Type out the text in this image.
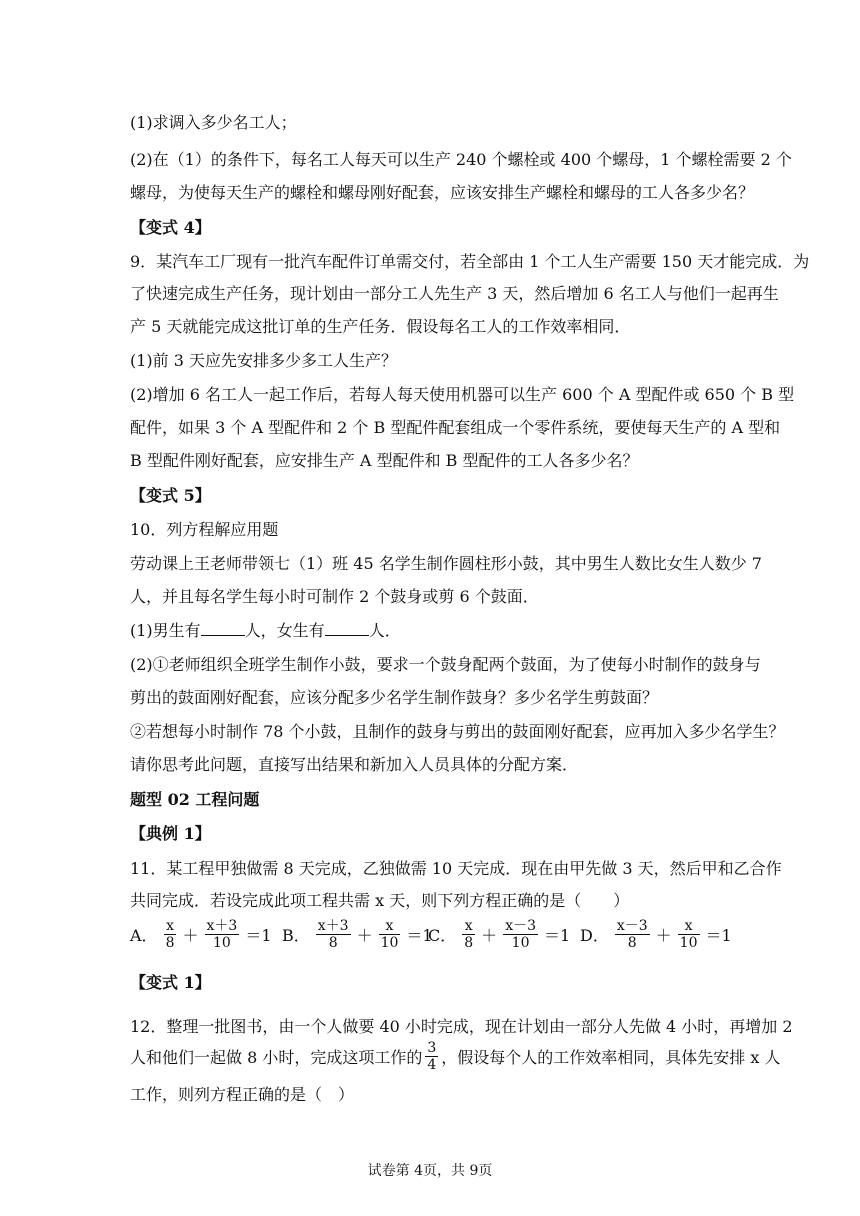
(1)求调入多少名工人；
(2)在（1）的条件下，每名工人每天可以生产 240 个螺栓或 400 个螺母，1 个螺栓需要 2 个
螺母，为使每天生产的螺栓和螺母刚好配套，应该安排生产螺栓和螺母的工人各多少名？
【变式 4】
9．某汽车工厂现有一批汽车配件订单需交付，若全部由 1 个工人生产需要 150 天才能完成．为
了快速完成生产任务，现计划由一部分工人先生产 3 天，然后增加 6 名工人与他们一起再生
产 5 天就能完成这批订单的生产任务．假设每名工人的工作效率相同．
(1)前 3 天应先安排多少多工人生产？
(2)增加 6 名工人一起工作后，若每人每天使用机器可以生产 600 个 A 型配件或 650 个 B 型
配件，如果 3 个 A 型配件和 2 个 B 型配件配套组成一个零件系统，要使每天生产的 A 型和
B 型配件刚好配套，应安排生产 A 型配件和 B 型配件的工人各多少名？
【变式 5】
10．列方程解应用题
劳动课上王老师带领七（1）班 45 名学生制作圆柱形小鼓，其中男生人数比女生人数少 7
人，并且每名学生每小时可制作 2 个鼓身或剪 6 个鼓面．
(1)男生有	人，女生有	人．
(2)①老师组织全班学生制作小鼓，要求一个鼓身配两个鼓面，为了使每小时制作的鼓身与
剪出的鼓面刚好配套，应该分配多少名学生制作鼓身？多少名学生剪鼓面？
②若想每小时制作 78 个小鼓，且制作的鼓身与剪出的鼓面刚好配套，应再加入多少名学生？
请你思考此问题，直接写出结果和新加入人员具体的分配方案．
题型 02 工程问题
【典例 1】
11．某工程甲独做需 8 天完成，乙独做需 10 天完成．现在由甲先做 3 天，然后甲和乙合作
共同完成．若设完成此项工程共需 x 天，则下列方程正确的是（　　）
A． $\frac{x}{8} + \frac{x+3}{10} =1$ B． $\frac{x+3}{8} + \frac{x}{10} =1$
C． $\frac{x}{8} + \frac{x-3}{10} =1$ D． $\frac{x-3}{8} + \frac{x}{10} =1$
【变式 1】
12．整理一批图书，由一个人做要 40 小时完成，现在计划由一部分人先做 4 小时，再增加 2
人和他们一起做 8 小时，完成这项工作的 $\frac{3}{4}$ ，假设每个人的工作效率相同，具体先安排 x 人
工作，则列方程正确的是（　）
试卷第 4页，共 9页
